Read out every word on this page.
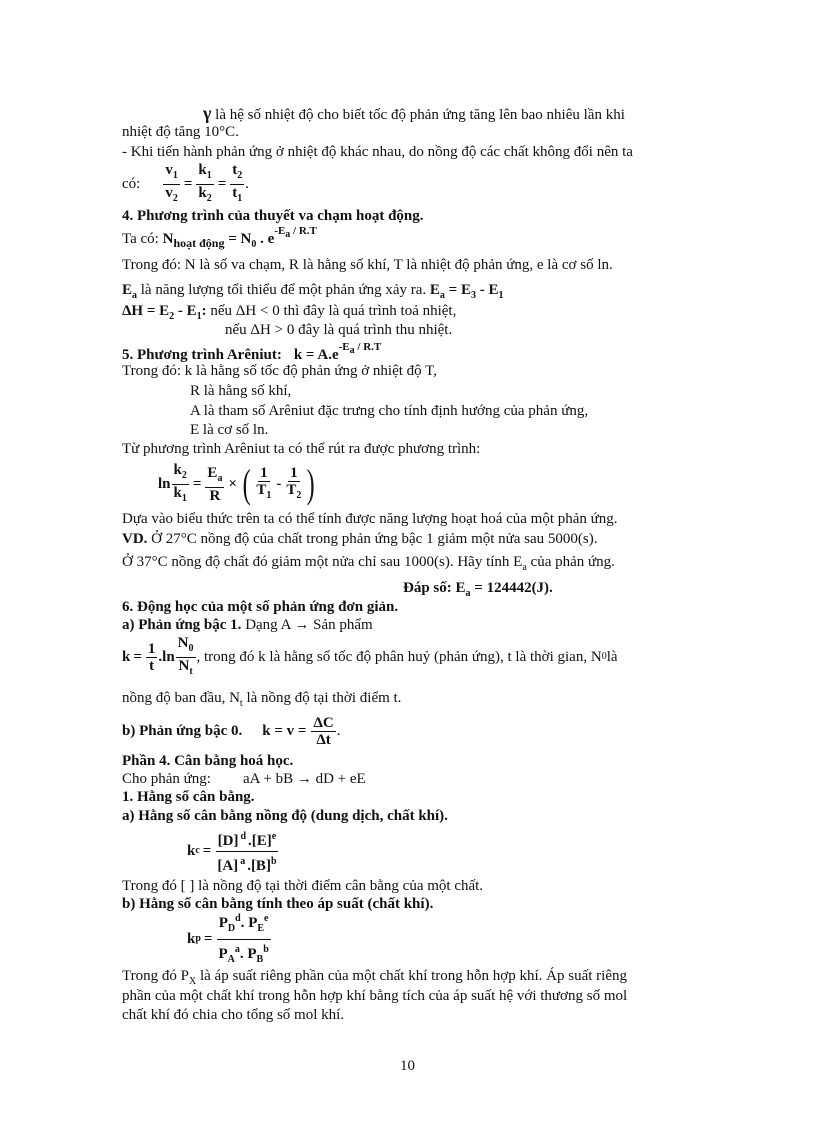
γ là hệ số nhiệt độ cho biết tốc độ phản ứng tăng lên bao nhiêu lần khi
nhiệt độ tăng 10°C.
- Khi tiến hành phản ứng ở nhiệt độ khác nhau, do nồng độ các chất không đổi nên ta
có: $\frac{v_1}{v_2} = \frac{k_1}{k_2} = \frac{t_2}{t_1}$ .
4. Phương trình của thuyết va chạm hoạt động.
Ta có: $N_{hoạt động} = N_0$ . $e^{-E_a / R.T}$
Trong đó: N là số va chạm, R là hằng số khí, T là nhiệt độ phản ứng, e là cơ số ln.
$E_a$ là năng lượng tối thiểu để một phản ứng xảy ra. $E_a = E_3 - E_1$
$\Delta H = E_2 - E_1$: nếu ΔH < 0 thì đây là quá trình toả nhiệt,
nếu ΔH > 0 đây là quá trình thu nhiệt.
5. Phương trình Arêniut: $k = A.e^{-E_a / R.T}$
Trong đó: k là hằng số tốc độ phản ứng ở nhiệt độ T,
R là hằng số khí,
A là tham số Arêniut đặc trưng cho tính định hướng của phản ứng,
E là cơ số ln.
Từ phương trình Arêniut ta có thể rút ra được phương trình:
$\ln \frac{k_2}{k_1} = \frac{E_a}{R}$ × ( $\frac{1}{T_1} - \frac{1}{T_2}$ )
Dựa vào biểu thức trên ta có thể tính được năng lượng hoạt hoá của một phản ứng.
VD. Ở 27°C nồng độ của chất trong phản ứng bậc 1 giảm một nửa sau 5000(s).
Ở 37°C nồng độ chất đó giảm một nửa chỉ sau 1000(s). Hãy tính $E_a$ của phản ứng.
Đáp số: $E_a = 124442(J)$.
6. Động học của một số phản ứng đơn giản.
a) Phản ứng bậc 1. Dạng A → Sản phẩm
$k = \frac{1}{t} .\ln \frac{N_0}{N_t}$ , trong đó k là hằng số tốc độ phân huỷ (phản ứng), t là thời gian, N 0 là
nồng độ ban đầu, $N_t$ là nồng độ tại thời điểm t.
b) Phản ứng bậc 0. $k = v = \frac{\Delta C}{\Delta t}$ .
Phần 4. Cân bằng hoá học.
Cho phản ứng: aA + bB → dD + eE
1. Hằng số cân bằng.
a) Hằng số cân bằng nồng độ (dung dịch, chất khí).
k $c = \frac{[D] ^d .[E]^e}{[A] ^a .[B]^b}$
Trong đó [ ] là nồng độ tại thời điểm cân bằng của một chất.
b) Hằng số cân bằng tính theo áp suất (chất khí).
k $p = \frac{P_D^d. P_E^e}{P_A^a. P_B^b}$
Trong đó $P_X$ là áp suất riêng phần của một chất khí trong hỗn hợp khí. Áp suất riêng
phần của một chất khí trong hỗn hợp khí bằng tích của áp suất hệ với thương số mol
chất khí đó chia cho tổng số mol khí.
10
